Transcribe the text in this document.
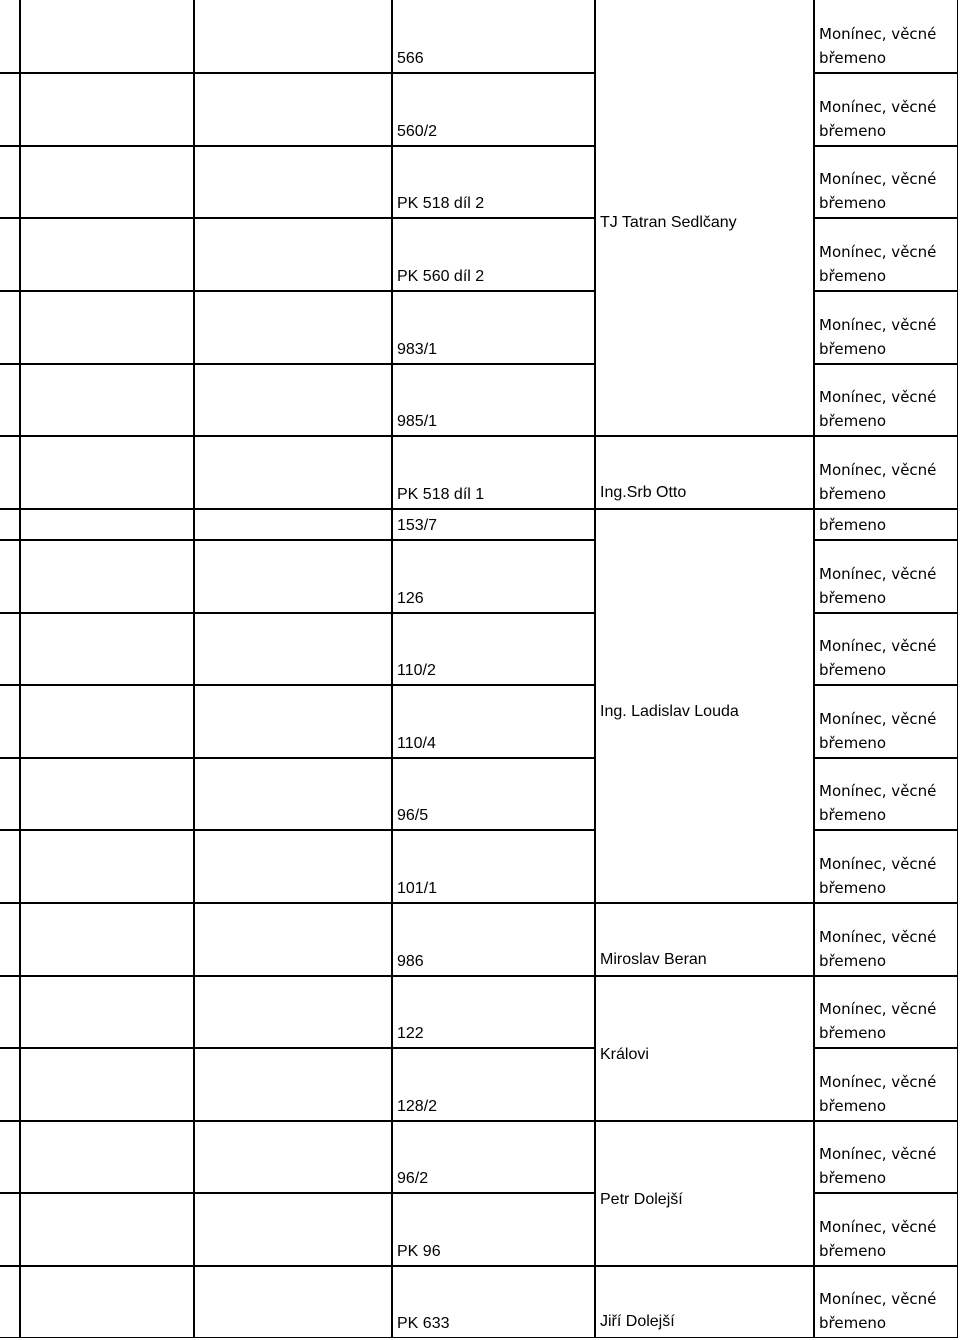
566
Monínec, věcné břemeno
560/2
Monínec, věcné břemeno
PK 518 díl 2
Monínec, věcné břemeno
PK 560 díl 2
Monínec, věcné břemeno
983/1
Monínec, věcné břemeno
985/1
Monínec, věcné břemeno
PK 518 díl 1
Monínec, věcné břemeno
153/7	břemeno
126
Monínec, věcné břemeno
110/2
Monínec, věcné břemeno
110/4
Monínec, věcné břemeno
96/5
Monínec, věcné břemeno
101/1
Monínec, věcné břemeno
986
Monínec, věcné břemeno
122
Monínec, věcné břemeno
128/2
Monínec, věcné břemeno
96/2
Monínec, věcné břemeno
PK 96
Monínec, věcné břemeno
PK 633
Monínec, věcné břemeno
TJ Tatran Sedlčany
Ing.Srb Otto
Ing. Ladislav Louda
Miroslav Beran
Královi
Petr Dolejší
Jiří Dolejší
